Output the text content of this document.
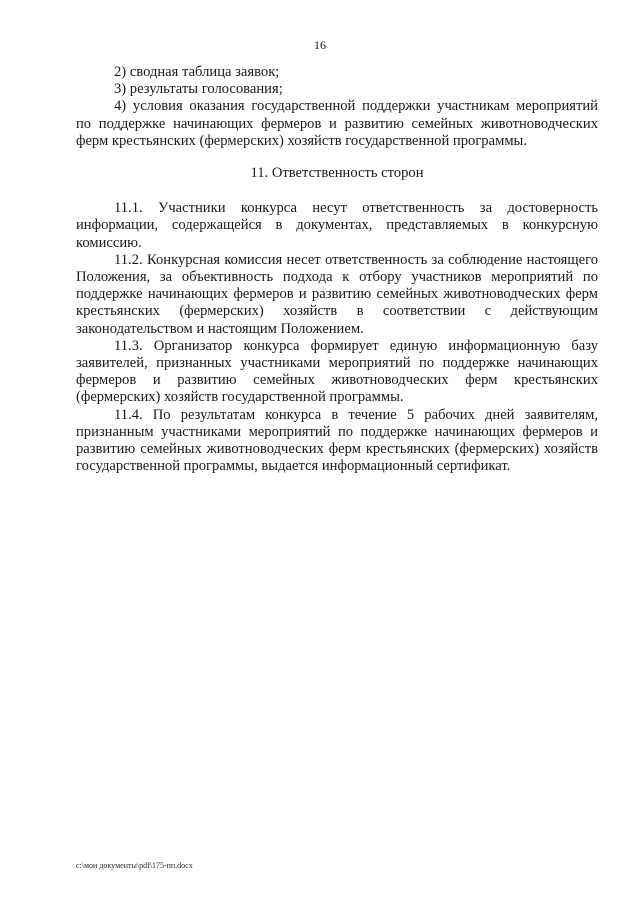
16

2) сводная таблица заявок;

3) результаты голосования;

4) условия оказания государственной поддержки участникам мероприятий по поддержке начинающих фермеров и развитию семейных животноводческих ферм крестьянских (фермерских) хозяйств государственной программы.

11. Ответственность сторон

11.1. Участники конкурса несут ответственность за достоверность информации, содержащейся в документах, представляемых в конкурсную комиссию.

11.2. Конкурсная комиссия несет ответственность за соблюдение настоящего Положения, за объективность подхода к отбору участников мероприятий по поддержке начинающих фермеров и развитию семейных животноводческих ферм крестьянских (фермерских) хозяйств в соответствии с действующим законодательством и настоящим Положением.

11.3. Организатор конкурса формирует единую информационную базу заявителей, признанных участниками мероприятий по поддержке начинающих фермеров и развитию семейных животноводческих ферм крестьянских (фермерских) хозяйств государственной программы.

11.4. По результатам конкурса в течение 5 рабочих дней заявителям, признанным участниками мероприятий по поддержке начинающих фермеров и развитию семейных животноводческих ферм крестьянских (фермерских) хозяйств государственной программы, выдается информационный сертификат.

c:\мои документы\pdf\175-пп.docx
